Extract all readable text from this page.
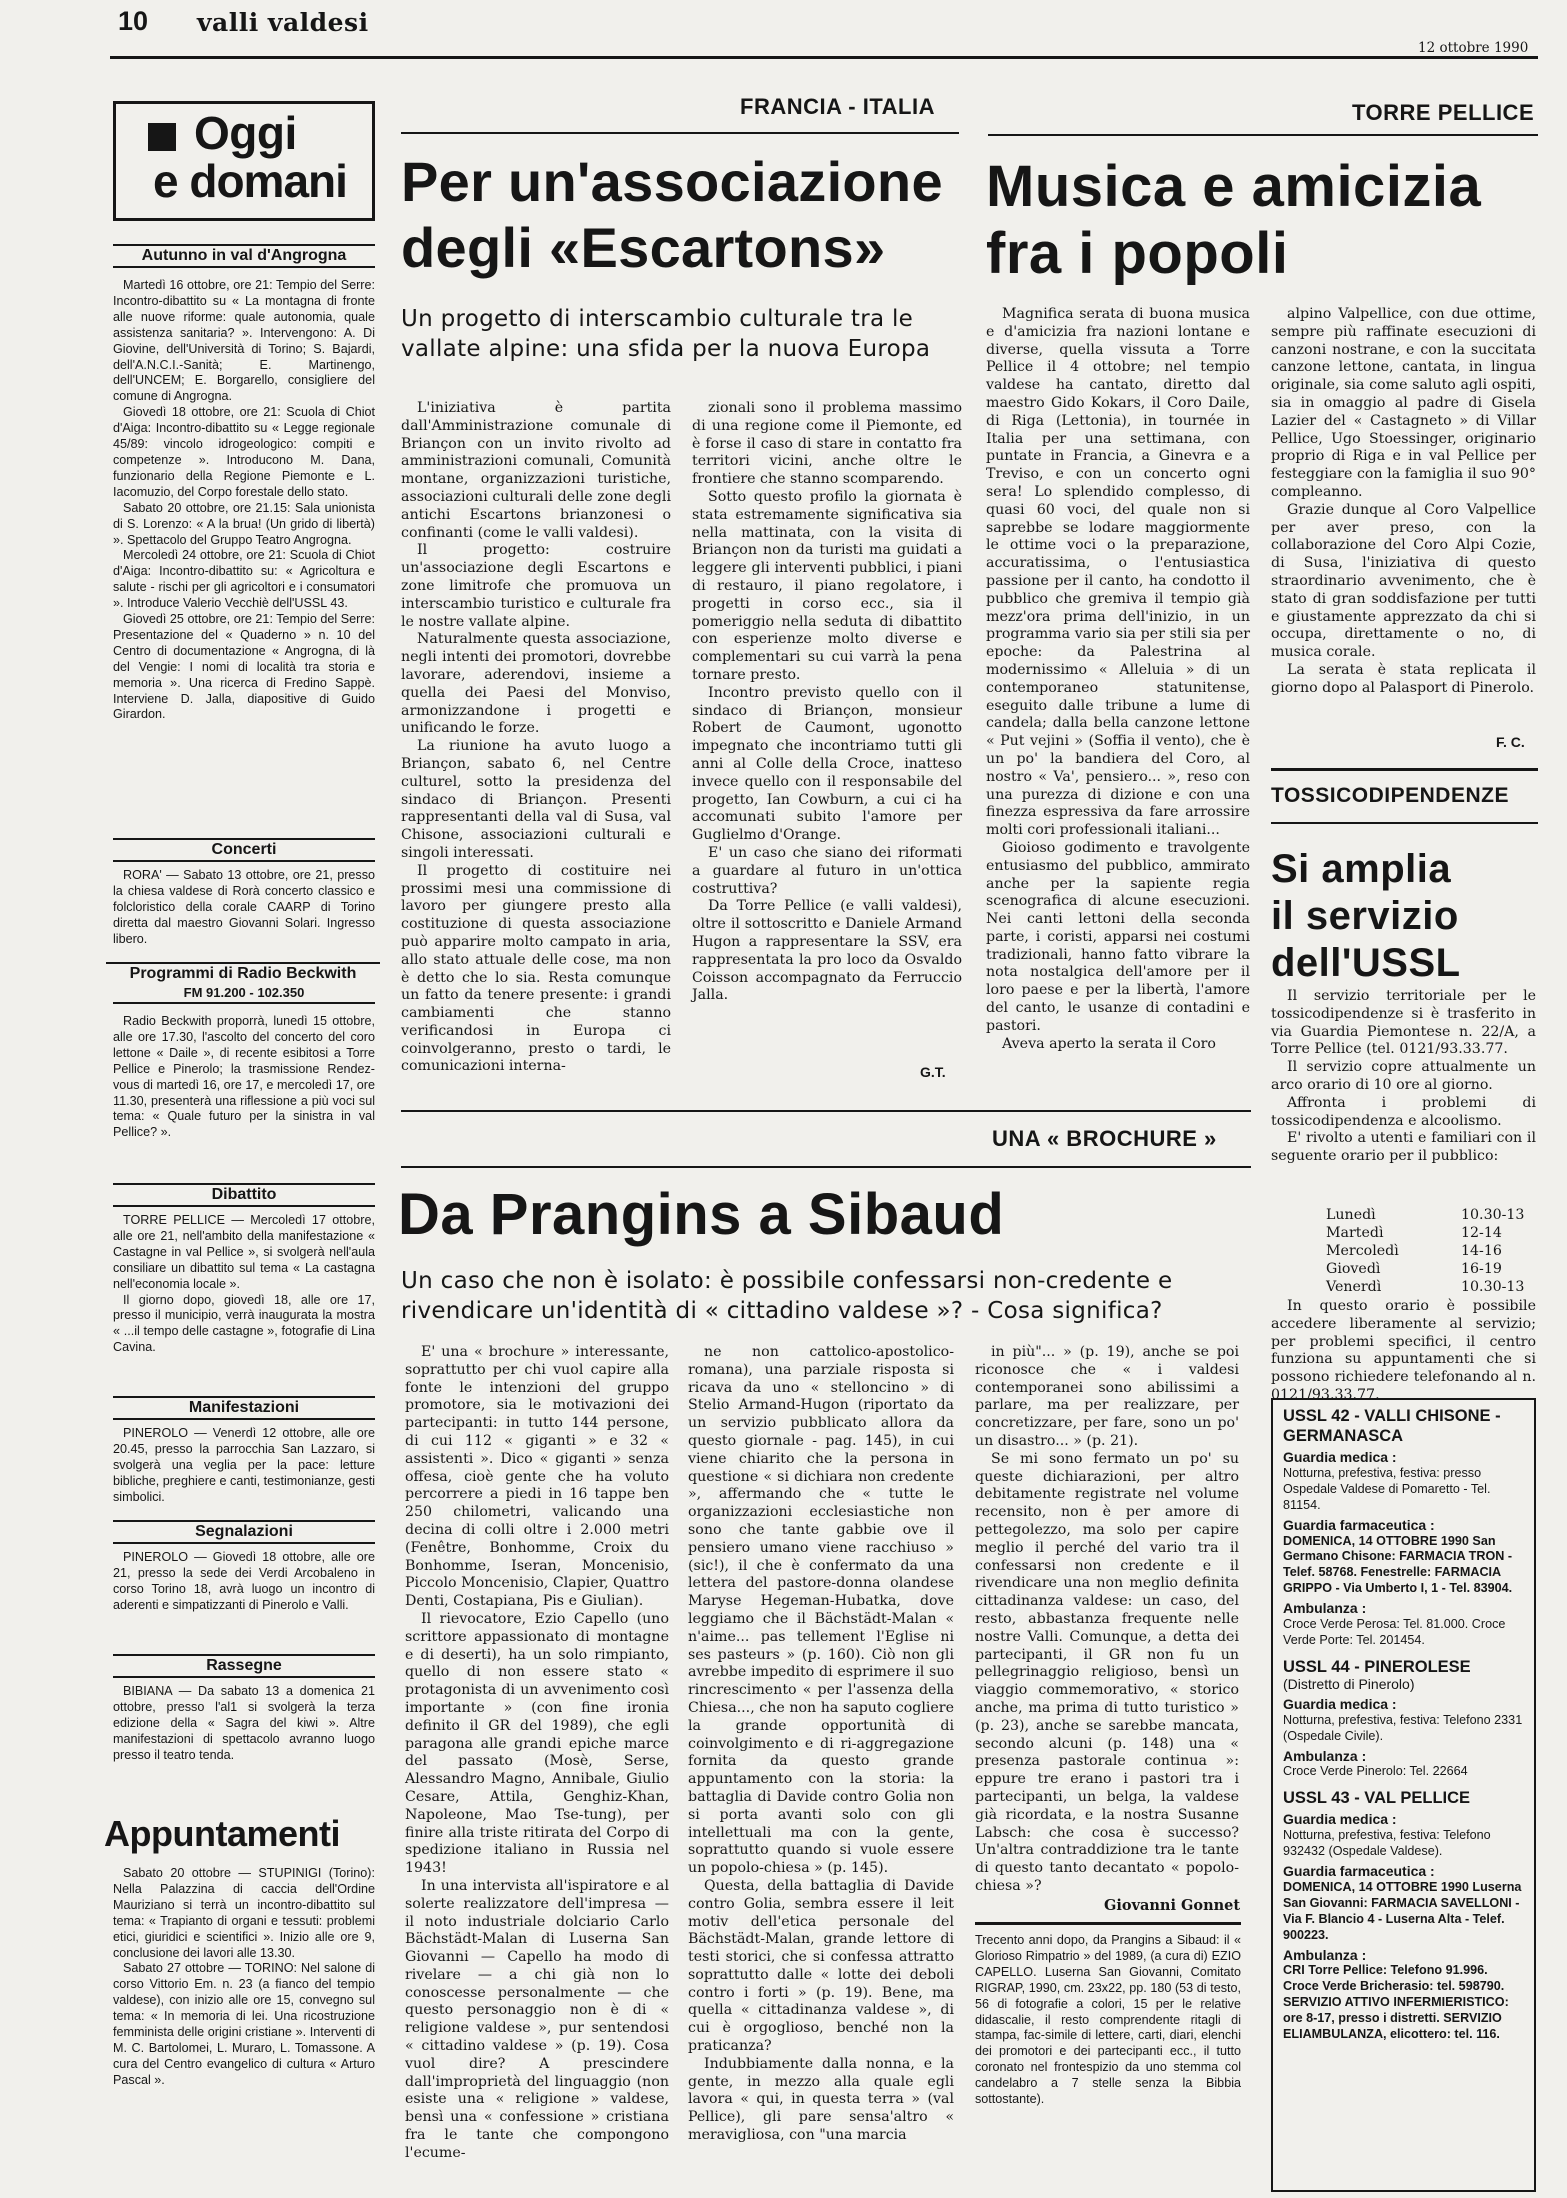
10 valli valdesi
12 ottobre 1990
Oggi
e domani
Autunno in val d'Angrogna

Martedì 16 ottobre, ore 21: Tempio del Serre: Incontro-dibattito su « La montagna di fronte alle nuove riforme: quale autonomia, quale assistenza sanitaria? ». Intervengono: A. Di Giovine, dell'Università di Torino; S. Bajardi, dell'A.N.C.I.-Sanità; E. Martinengo, dell'UNCEM; E. Borgarello, consigliere del comune di Angrogna.

Giovedì 18 ottobre, ore 21: Scuola di Chiot d'Aiga: Incontro-dibattito su « Legge regionale 45/89: vincolo idrogeologico: compiti e competenze ». Introducono M. Dana, funzionario della Regione Piemonte e L. Iacomuzio, del Corpo forestale dello stato.

Sabato 20 ottobre, ore 21.15: Sala unionista di S. Lorenzo: « A la brua! (Un grido di libertà) ». Spettacolo del Gruppo Teatro Angrogna.

Mercoledì 24 ottobre, ore 21: Scuola di Chiot d'Aiga: Incontro-dibattito su: « Agricoltura e salute - rischi per gli agricoltori e i consumatori ». Introduce Valerio Vecchiè dell'USSL 43.

Giovedì 25 ottobre, ore 21: Tempio del Serre: Presentazione del « Quaderno » n. 10 del Centro di documentazione « Angrogna, di là del Vengie: I nomi di località tra storia e memoria ». Una ricerca di Fredino Sappè. Interviene D. Jalla, diapositive di Guido Girardon.

Concerti

RORA' — Sabato 13 ottobre, ore 21, presso la chiesa valdese di Rorà concerto classico e folcloristico della corale CAARP di Torino diretta dal maestro Giovanni Solari. Ingresso libero.

Programmi di Radio Beckwith
FM 91.200 - 102.350

Radio Beckwith proporrà, lunedì 15 ottobre, alle ore 17.30, l'ascolto del concerto del coro lettone « Daile », di recente esibitosi a Torre Pellice e Pinerolo; la trasmissione Rendez-vous di martedì 16, ore 17, e mercoledì 17, ore 11.30, presenterà una riflessione a più voci sul tema: « Quale futuro per la sinistra in val Pellice? ».

Dibattito

TORRE PELLICE — Mercoledì 17 ottobre, alle ore 21, nell'ambito della manifestazione « Castagne in val Pellice », si svolgerà nell'aula consiliare un dibattito sul tema « La castagna nell'economia locale ».

Il giorno dopo, giovedì 18, alle ore 17, presso il municipio, verrà inaugurata la mostra « ...il tempo delle castagne », fotografie di Lina Cavina.

Manifestazioni

PINEROLO — Venerdì 12 ottobre, alle ore 20.45, presso la parrocchia San Lazzaro, si svolgerà una veglia per la pace: letture bibliche, preghiere e canti, testimonianze, gesti simbolici.

Segnalazioni

PINEROLO — Giovedì 18 ottobre, alle ore 21, presso la sede dei Verdi Arcobaleno in corso Torino 18, avrà luogo un incontro di aderenti e simpatizzanti di Pinerolo e Valli.

Rassegne

BIBIANA — Da sabato 13 a domenica 21 ottobre, presso l'al1 si svolgerà la terza edizione della « Sagra del kiwi ». Altre manifestazioni di spettacolo avranno luogo presso il teatro tenda.

Appuntamenti

Sabato 20 ottobre — STUPINIGI (Torino): Nella Palazzina di caccia dell'Ordine Mauriziano si terrà un incontro-dibattito sul tema: « Trapianto di organi e tessuti: problemi etici, giuridici e scientifici ». Inizio alle ore 9, conclusione dei lavori alle 13.30.

Sabato 27 ottobre — TORINO: Nel salone di corso Vittorio Em. n. 23 (a fianco del tempio valdese), con inizio alle ore 15, convegno sul tema: « In memoria di lei. Una ricostruzione femminista delle origini cristiane ». Interventi di M. C. Bartolomei, L. Muraro, L. Tomassone. A cura del Centro evangelico di cultura « Arturo Pascal ».

FRANCIA - ITALIA
Per un'associazione
degli «Escartons»
Un progetto di interscambio culturale tra le vallate alpine: una sfida per la nuova Europa

L'iniziativa è partita dall'Amministrazione comunale di Briançon con un invito rivolto ad amministrazioni comunali, Comunità montane, organizzazioni turistiche, associazioni culturali delle zone degli antichi Escartons brianzonesi o confinanti (come le valli valdesi).

Il progetto: costruire un'associazione degli Escartons e zone limitrofe che promuova un interscambio turistico e culturale fra le nostre vallate alpine.

Naturalmente questa associazione, negli intenti dei promotori, dovrebbe lavorare, aderendovi, insieme a quella dei Paesi del Monviso, armonizzandone i progetti e unificando le forze.

La riunione ha avuto luogo a Briançon, sabato 6, nel Centre culturel, sotto la presidenza del sindaco di Briançon. Presenti rappresentanti della val di Susa, val Chisone, associazioni culturali e singoli interessati.

Il progetto di costituire nei prossimi mesi una commissione di lavoro per giungere presto alla costituzione di questa associazione può apparire molto campato in aria, allo stato attuale delle cose, ma non è detto che lo sia. Resta comunque un fatto da tenere presente: i grandi cambiamenti che stanno verificandosi in Europa ci coinvolgeranno, presto o tardi, le comunicazioni interna-

zionali sono il problema massimo di una regione come il Piemonte, ed è forse il caso di stare in contatto fra territori vicini, anche oltre le frontiere che stanno scomparendo.

Sotto questo profilo la giornata è stata estremamente significativa sia nella mattinata, con la visita di Briançon non da turisti ma guidati a leggere gli interventi pubblici, i piani di restauro, il piano regolatore, i progetti in corso ecc., sia il pomeriggio nella seduta di dibattito con esperienze molto diverse e complementari su cui varrà la pena tornare presto.

Incontro previsto quello con il sindaco di Briançon, monsieur Robert de Caumont, ugonotto impegnato che incontriamo tutti gli anni al Colle della Croce, inatteso invece quello con il responsabile del progetto, Ian Cowburn, a cui ci ha accomunati subito l'amore per Guglielmo d'Orange.

E' un caso che siano dei riformati a guardare al futuro in un'ottica costruttiva?

Da Torre Pellice (e valli valdesi), oltre il sottoscritto e Daniele Armand Hugon a rappresentare la SSV, era rappresentata la pro loco da Osvaldo Coisson accompagnato da Ferruccio Jalla.

G.T.
TORRE PELLICE
Musica e amicizia
fra i popoli

Magnifica serata di buona musica e d'amicizia fra nazioni lontane e diverse, quella vissuta a Torre Pellice il 4 ottobre; nel tempio valdese ha cantato, diretto dal maestro Gido Kokars, il Coro Daile, di Riga (Lettonia), in tournée in Italia per una settimana, con puntate in Francia, a Ginevra e a Treviso, e con un concerto ogni sera! Lo splendido complesso, di quasi 60 voci, del quale non si saprebbe se lodare maggiormente le ottime voci o la preparazione, accuratissima, o l'entusiastica passione per il canto, ha condotto il pubblico che gremiva il tempio già mezz'ora prima dell'inizio, in un programma vario sia per stili sia per epoche: da Palestrina al modernissimo « Alleluia » di un contemporaneo statunitense, eseguito dalle tribune a lume di candela; dalla bella canzone lettone « Put vejini » (Soffia il vento), che è un po' la bandiera del Coro, al nostro « Va', pensiero... », reso con una purezza di dizione e con una finezza espressiva da fare arrossire molti cori professionali italiani...

Gioioso godimento e travolgente entusiasmo del pubblico, ammirato anche per la sapiente regia scenografica di alcune esecuzioni. Nei canti lettoni della seconda parte, i coristi, apparsi nei costumi tradizionali, hanno fatto vibrare la nota nostalgica dell'amore per il loro paese e per la libertà, l'amore del canto, le usanze di contadini e pastori.

Aveva aperto la serata il Coro

alpino Valpellice, con due ottime, sempre più raffinate esecuzioni di canzoni nostrane, e con la succitata canzone lettone, cantata, in lingua originale, sia come saluto agli ospiti, sia in omaggio al padre di Gisela Lazier del « Castagneto » di Villar Pellice, Ugo Stoessinger, originario proprio di Riga e in val Pellice per festeggiare con la famiglia il suo 90° compleanno.

Grazie dunque al Coro Valpellice per aver preso, con la collaborazione del Coro Alpi Cozie, di Susa, l'iniziativa di questo straordinario avvenimento, che è stato di gran soddisfazione per tutti e giustamente apprezzato da chi si occupa, direttamente o no, di musica corale.

La serata è stata replicata il giorno dopo al Palasport di Pinerolo.

F. C.
TOSSICODIPENDENZE
Si amplia
il servizio
dell'USSL

Il servizio territoriale per le tossicodipendenze si è trasferito in via Guardia Piemontese n. 22/A, a Torre Pellice (tel. 0121/93.33.77.

Il servizio copre attualmente un arco orario di 10 ore al giorno.

Affronta i problemi di tossicodipendenza e alcoolismo.

E' rivolto a utenti e familiari con il seguente orario per il pubblico:

Lunedì	10.30-13
Martedì	12-14
Mercoledì	14-16
Giovedì	16-19
Venerdì	10.30-13

In questo orario è possibile accedere liberamente al servizio; per problemi specifici, il centro funziona su appuntamenti che si possono richiedere telefonando al n. 0121/93.33.77.

USSL 42 - VALLI CHISONE - GERMANASCA
Guardia medica :
Notturna, prefestiva, festiva: presso Ospedale Valdese di Pomaretto - Tel. 81154.
Guardia farmaceutica :
DOMENICA, 14 OTTOBRE 1990 San Germano Chisone: FARMACIA TRON - Telef. 58768. Fenestrelle: FARMACIA GRIPPO - Via Umberto I, 1 - Tel. 83904.
Ambulanza :
Croce Verde Perosa: Tel. 81.000. Croce Verde Porte: Tel. 201454.
USSL 44 - PINEROLESE
(Distretto di Pinerolo)
Guardia medica :
Notturna, prefestiva, festiva: Telefono 2331 (Ospedale Civile).
Ambulanza :
Croce Verde Pinerolo: Tel. 22664
USSL 43 - VAL PELLICE
Guardia medica :
Notturna, prefestiva, festiva: Telefono 932432 (Ospedale Valdese).
Guardia farmaceutica :
DOMENICA, 14 OTTOBRE 1990 Luserna San Giovanni: FARMACIA SAVELLONI - Via F. Blancio 4 - Luserna Alta - Telef. 900223.
Ambulanza :
CRI Torre Pellice: Telefono 91.996. Croce Verde Bricherasio: tel. 598790. SERVIZIO ATTIVO INFERMIERISTICO: ore 8-17, presso i distretti. SERVIZIO ELIAMBULANZA, elicottero: tel. 116.
UNA « BROCHURE »
Da Prangins a Sibaud
Un caso che non è isolato: è possibile confessarsi non-credente e rivendicare un'identità di « cittadino valdese »? - Cosa significa?

E' una « brochure » interessante, soprattutto per chi vuol capire alla fonte le intenzioni del gruppo promotore, sia le motivazioni dei partecipanti: in tutto 144 persone, di cui 112 « giganti » e 32 « assistenti ». Dico « giganti » senza offesa, cioè gente che ha voluto percorrere a piedi in 16 tappe ben 250 chilometri, valicando una decina di colli oltre i 2.000 metri (Fenêtre, Bonhomme, Croix du Bonhomme, Iseran, Moncenisio, Piccolo Moncenisio, Clapier, Quattro Denti, Costapiana, Pis e Giulian).

Il rievocatore, Ezio Capello (uno scrittore appassionato di montagne e di deserti), ha un solo rimpianto, quello di non essere stato « protagonista di un avvenimento così importante » (con fine ironia definito il GR del 1989), che egli paragona alle grandi epiche marce del passato (Mosè, Serse, Alessandro Magno, Annibale, Giulio Cesare, Attila, Genghiz-Khan, Napoleone, Mao Tse-tung), per finire alla triste ritirata del Corpo di spedizione italiano in Russia nel 1943!

In una intervista all'ispiratore e al solerte realizzatore dell'impresa — il noto industriale dolciario Carlo Bächstädt-Malan di Luserna San Giovanni — Capello ha modo di rivelare — a chi già non lo conoscesse personalmente — che questo personaggio non è di « religione valdese », pur sentendosi « cittadino valdese » (p. 19). Cosa vuol dire? A prescindere dall'improprietà del linguaggio (non esiste una « religione » valdese, bensì una « confessione » cristiana fra le tante che compongono l'ecume-

ne non cattolico-apostolico-romana), una parziale risposta si ricava da uno « stelloncino » di Stelio Armand-Hugon (riportato da un servizio pubblicato allora da questo giornale - pag. 145), in cui viene chiarito che la persona in questione « si dichiara non credente », affermando che « tutte le organizzazioni ecclesiastiche non sono che tante gabbie ove il pensiero umano viene racchiuso » (sic!), il che è confermato da una lettera del pastore-donna olandese Maryse Hegeman-Hubatka, dove leggiamo che il Bächstädt-Malan « n'aime... pas tellement l'Eglise ni ses pasteurs » (p. 160). Ciò non gli avrebbe impedito di esprimere il suo rincrescimento « per l'assenza della Chiesa..., che non ha saputo cogliere la grande opportunità di coinvolgimento e di ri-aggregazione fornita da questo grande appuntamento con la storia: la battaglia di Davide contro Golia non si porta avanti solo con gli intellettuali ma con la gente, soprattutto quando si vuole essere un popolo-chiesa » (p. 145).

Questa, della battaglia di Davide contro Golia, sembra essere il leit motiv dell'etica personale del Bächstädt-Malan, grande lettore di testi storici, che si confessa attratto soprattutto dalle « lotte dei deboli contro i forti » (p. 19). Bene, ma quella « cittadinanza valdese », di cui è orgoglioso, benché non la praticanza?

Indubbiamente dalla nonna, e la gente, in mezzo alla quale egli lavora « qui, in questa terra » (val Pellice), gli pare sensa'altro « meravigliosa, con "una marcia

in più"... » (p. 19), anche se poi riconosce che « i valdesi contemporanei sono abilissimi a parlare, ma per realizzare, per concretizzare, per fare, sono un po' un disastro... » (p. 21).

Se mi sono fermato un po' su queste dichiarazioni, per altro debitamente registrate nel volume recensito, non è per amore di pettegolezzo, ma solo per capire meglio il perché del vario tra il confessarsi non credente e il rivendicare una non meglio definita cittadinanza valdese: un caso, del resto, abbastanza frequente nelle nostre Valli. Comunque, a detta dei partecipanti, il GR non fu un pellegrinaggio religioso, bensì un viaggio commemorativo, « storico anche, ma prima di tutto turistico » (p. 23), anche se sarebbe mancata, secondo alcuni (p. 148) una « presenza pastorale continua »: eppure tre erano i pastori tra i partecipanti, un belga, la valdese già ricordata, e la nostra Susanne Labsch: che cosa è successo? Un'altra contraddizione tra le tante di questo tanto decantato « popolo-chiesa »?

Giovanni Gonnet
Trecento anni dopo, da Prangins a Sibaud: il « Glorioso Rimpatrio » del 1989, (a cura di) EZIO CAPELLO. Luserna San Giovanni, Comitato RIGRAP, 1990, cm. 23x22, pp. 180 (53 di testo, 56 di fotografie a colori, 15 per le relative didascalie, il resto comprendente ritagli di stampa, fac-simile di lettere, carti, diari, elenchi dei promotori e dei partecipanti ecc., il tutto coronato nel frontespizio da uno stemma col candelabro a 7 stelle senza la Bibbia sottostante).
